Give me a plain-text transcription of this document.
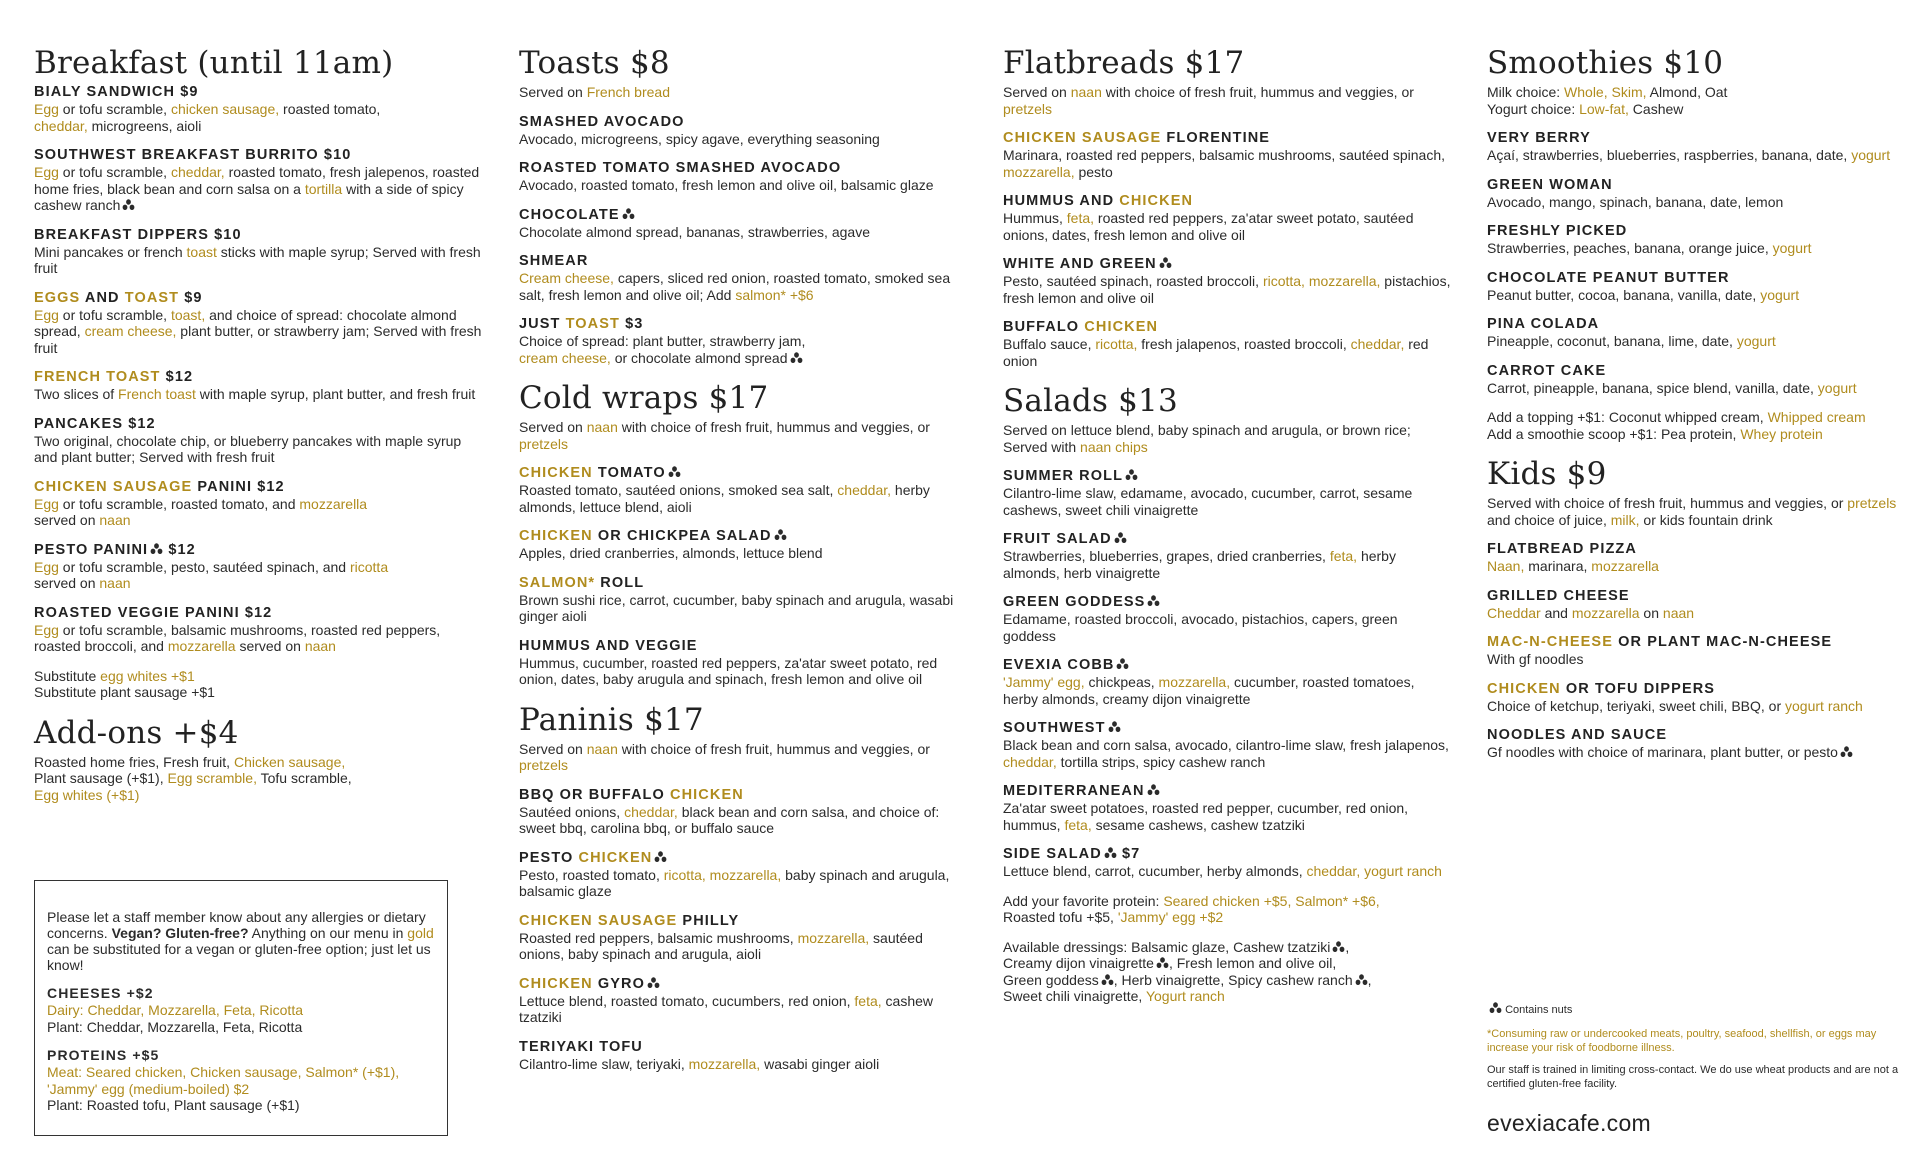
Breakfast (until 11am)
BIALY SANDWICH $9
Egg or tofu scramble, chicken sausage, roasted tomato,
cheddar, microgreens, aioli
SOUTHWEST BREAKFAST BURRITO $10
Egg or tofu scramble, cheddar, roasted tomato, fresh jalepenos, roasted home fries, black bean and corn salsa on a tortilla with a side of spicy cashew ranch
BREAKFAST DIPPERS $10
Mini pancakes or french toast sticks with maple syrup; Served with fresh fruit
EGGS AND TOAST $9
Egg or tofu scramble, toast, and choice of spread: chocolate almond spread, cream cheese, plant butter, or strawberry jam; Served with fresh fruit
FRENCH TOAST $12
Two slices of French toast with maple syrup, plant butter, and fresh fruit
PANCAKES $12
Two original, chocolate chip, or blueberry pancakes with maple syrup and plant butter; Served with fresh fruit
CHICKEN SAUSAGE PANINI $12
Egg or tofu scramble, roasted tomato, and mozzarella
served on naan
PESTO PANINI
$12
Egg or tofu scramble, pesto, sautéed spinach, and ricotta
served on naan
ROASTED VEGGIE PANINI $12
Egg or tofu scramble, balsamic mushrooms, roasted red peppers, roasted broccoli, and mozzarella served on naan
Substitute egg whites +$1
Substitute plant sausage +$1
Add-ons +$4
Roasted home fries, Fresh fruit, Chicken sausage,
Plant sausage (+$1), Egg scramble, Tofu scramble,
Egg whites (+$1)
Please let a staff member know about any allergies or dietary concerns. Vegan? Gluten-free? Anything on our menu in gold can be substituted for a vegan or gluten-free option; just let us know!
CHEESES +$2
Dairy: Cheddar, Mozzarella, Feta, Ricotta
Plant: Cheddar, Mozzarella, Feta, Ricotta
PROTEINS +$5
Meat: Seared chicken, Chicken sausage, Salmon* (+$1),
'Jammy' egg (medium-boiled) $2
Plant: Roasted tofu, Plant sausage (+$1)
Toasts $8
Served on French bread
SMASHED AVOCADO
Avocado, microgreens, spicy agave, everything seasoning
ROASTED TOMATO SMASHED AVOCADO
Avocado, roasted tomato, fresh lemon and olive oil, balsamic glaze
CHOCOLATE
Chocolate almond spread, bananas, strawberries, agave
SHMEAR
Cream cheese, capers, sliced red onion, roasted tomato, smoked sea salt, fresh lemon and olive oil; Add salmon* +$6
JUST TOAST $3
Choice of spread: plant butter, strawberry jam,
cream cheese, or chocolate almond spread
Cold wraps $17
Served on naan with choice of fresh fruit, hummus and veggies, or pretzels
CHICKEN TOMATO
Roasted tomato, sautéed onions, smoked sea salt, cheddar, herby almonds, lettuce blend, aioli
CHICKEN OR CHICKPEA SALAD
Apples, dried cranberries, almonds, lettuce blend
SALMON* ROLL
Brown sushi rice, carrot, cucumber, baby spinach and arugula, wasabi ginger aioli
HUMMUS AND VEGGIE
Hummus, cucumber, roasted red peppers, za'atar sweet potato, red onion, dates, baby arugula and spinach, fresh lemon and olive oil
Paninis $17
Served on naan with choice of fresh fruit, hummus and veggies, or pretzels
BBQ OR BUFFALO CHICKEN
Sautéed onions, cheddar, black bean and corn salsa, and choice of: sweet bbq, carolina bbq, or buffalo sauce
PESTO CHICKEN
Pesto, roasted tomato, ricotta, mozzarella, baby spinach and arugula, balsamic glaze
CHICKEN SAUSAGE PHILLY
Roasted red peppers, balsamic mushrooms, mozzarella, sautéed onions, baby spinach and arugula, aioli
CHICKEN GYRO
Lettuce blend, roasted tomato, cucumbers, red onion, feta, cashew tzatziki
TERIYAKI TOFU
Cilantro-lime slaw, teriyaki, mozzarella, wasabi ginger aioli
Flatbreads $17
Served on naan with choice of fresh fruit, hummus and veggies, or pretzels
CHICKEN SAUSAGE FLORENTINE
Marinara, roasted red peppers, balsamic mushrooms, sautéed spinach, mozzarella, pesto
HUMMUS AND CHICKEN
Hummus, feta, roasted red peppers, za'atar sweet potato, sautéed onions, dates, fresh lemon and olive oil
WHITE AND GREEN
Pesto, sautéed spinach, roasted broccoli, ricotta, mozzarella, pistachios, fresh lemon and olive oil
BUFFALO CHICKEN
Buffalo sauce, ricotta, fresh jalapenos, roasted broccoli, cheddar, red onion
Salads $13
Served on lettuce blend, baby spinach and arugula, or brown rice; Served with naan chips
SUMMER ROLL
Cilantro-lime slaw, edamame, avocado, cucumber, carrot, sesame cashews, sweet chili vinaigrette
FRUIT SALAD
Strawberries, blueberries, grapes, dried cranberries, feta, herby almonds, herb vinaigrette
GREEN GODDESS
Edamame, roasted broccoli, avocado, pistachios, capers, green goddess
EVEXIA COBB
'Jammy' egg, chickpeas, mozzarella, cucumber, roasted tomatoes, herby almonds, creamy dijon vinaigrette
SOUTHWEST
Black bean and corn salsa, avocado, cilantro-lime slaw, fresh jalapenos, cheddar, tortilla strips, spicy cashew ranch
MEDITERRANEAN
Za'atar sweet potatoes, roasted red pepper, cucumber, red onion, hummus, feta, sesame cashews, cashew tzatziki
SIDE SALAD
$7
Lettuce blend, carrot, cucumber, herby almonds, cheddar, yogurt ranch
Add your favorite protein: Seared chicken +$5, Salmon* +$6,
Roasted tofu +$5, 'Jammy' egg +$2
Available dressings: Balsamic glaze, Cashew tzatziki ,
Creamy dijon vinaigrette , Fresh lemon and olive oil,
Green goddess , Herb vinaigrette, Spicy cashew ranch ,
Sweet chili vinaigrette, Yogurt ranch
Smoothies $10
Milk choice: Whole, Skim, Almond, Oat
Yogurt choice: Low-fat, Cashew
VERY BERRY
Açaí, strawberries, blueberries, raspberries, banana, date, yogurt
GREEN WOMAN
Avocado, mango, spinach, banana, date, lemon
FRESHLY PICKED
Strawberries, peaches, banana, orange juice, yogurt
CHOCOLATE PEANUT BUTTER
Peanut butter, cocoa, banana, vanilla, date, yogurt
PINA COLADA
Pineapple, coconut, banana, lime, date, yogurt
CARROT CAKE
Carrot, pineapple, banana, spice blend, vanilla, date, yogurt
Add a topping +$1: Coconut whipped cream, Whipped cream
Add a smoothie scoop +$1: Pea protein, Whey protein
Kids $9
Served with choice of fresh fruit, hummus and veggies, or pretzels and choice of juice, milk, or kids fountain drink
FLATBREAD PIZZA
Naan, marinara, mozzarella
GRILLED CHEESE
Cheddar and mozzarella on naan
MAC-N-CHEESE OR PLANT MAC-N-CHEESE
With gf noodles
CHICKEN OR TOFU DIPPERS
Choice of ketchup, teriyaki, sweet chili, BBQ, or yogurt ranch
NOODLES AND SAUCE
Gf noodles with choice of marinara, plant butter, or pesto
Contains nuts
*Consuming raw or undercooked meats, poultry, seafood, shellfish, or eggs may increase your risk of foodborne illness.
Our staff is trained in limiting cross-contact. We do use wheat products and are not a certified gluten-free facility.
evexiacafe.com
